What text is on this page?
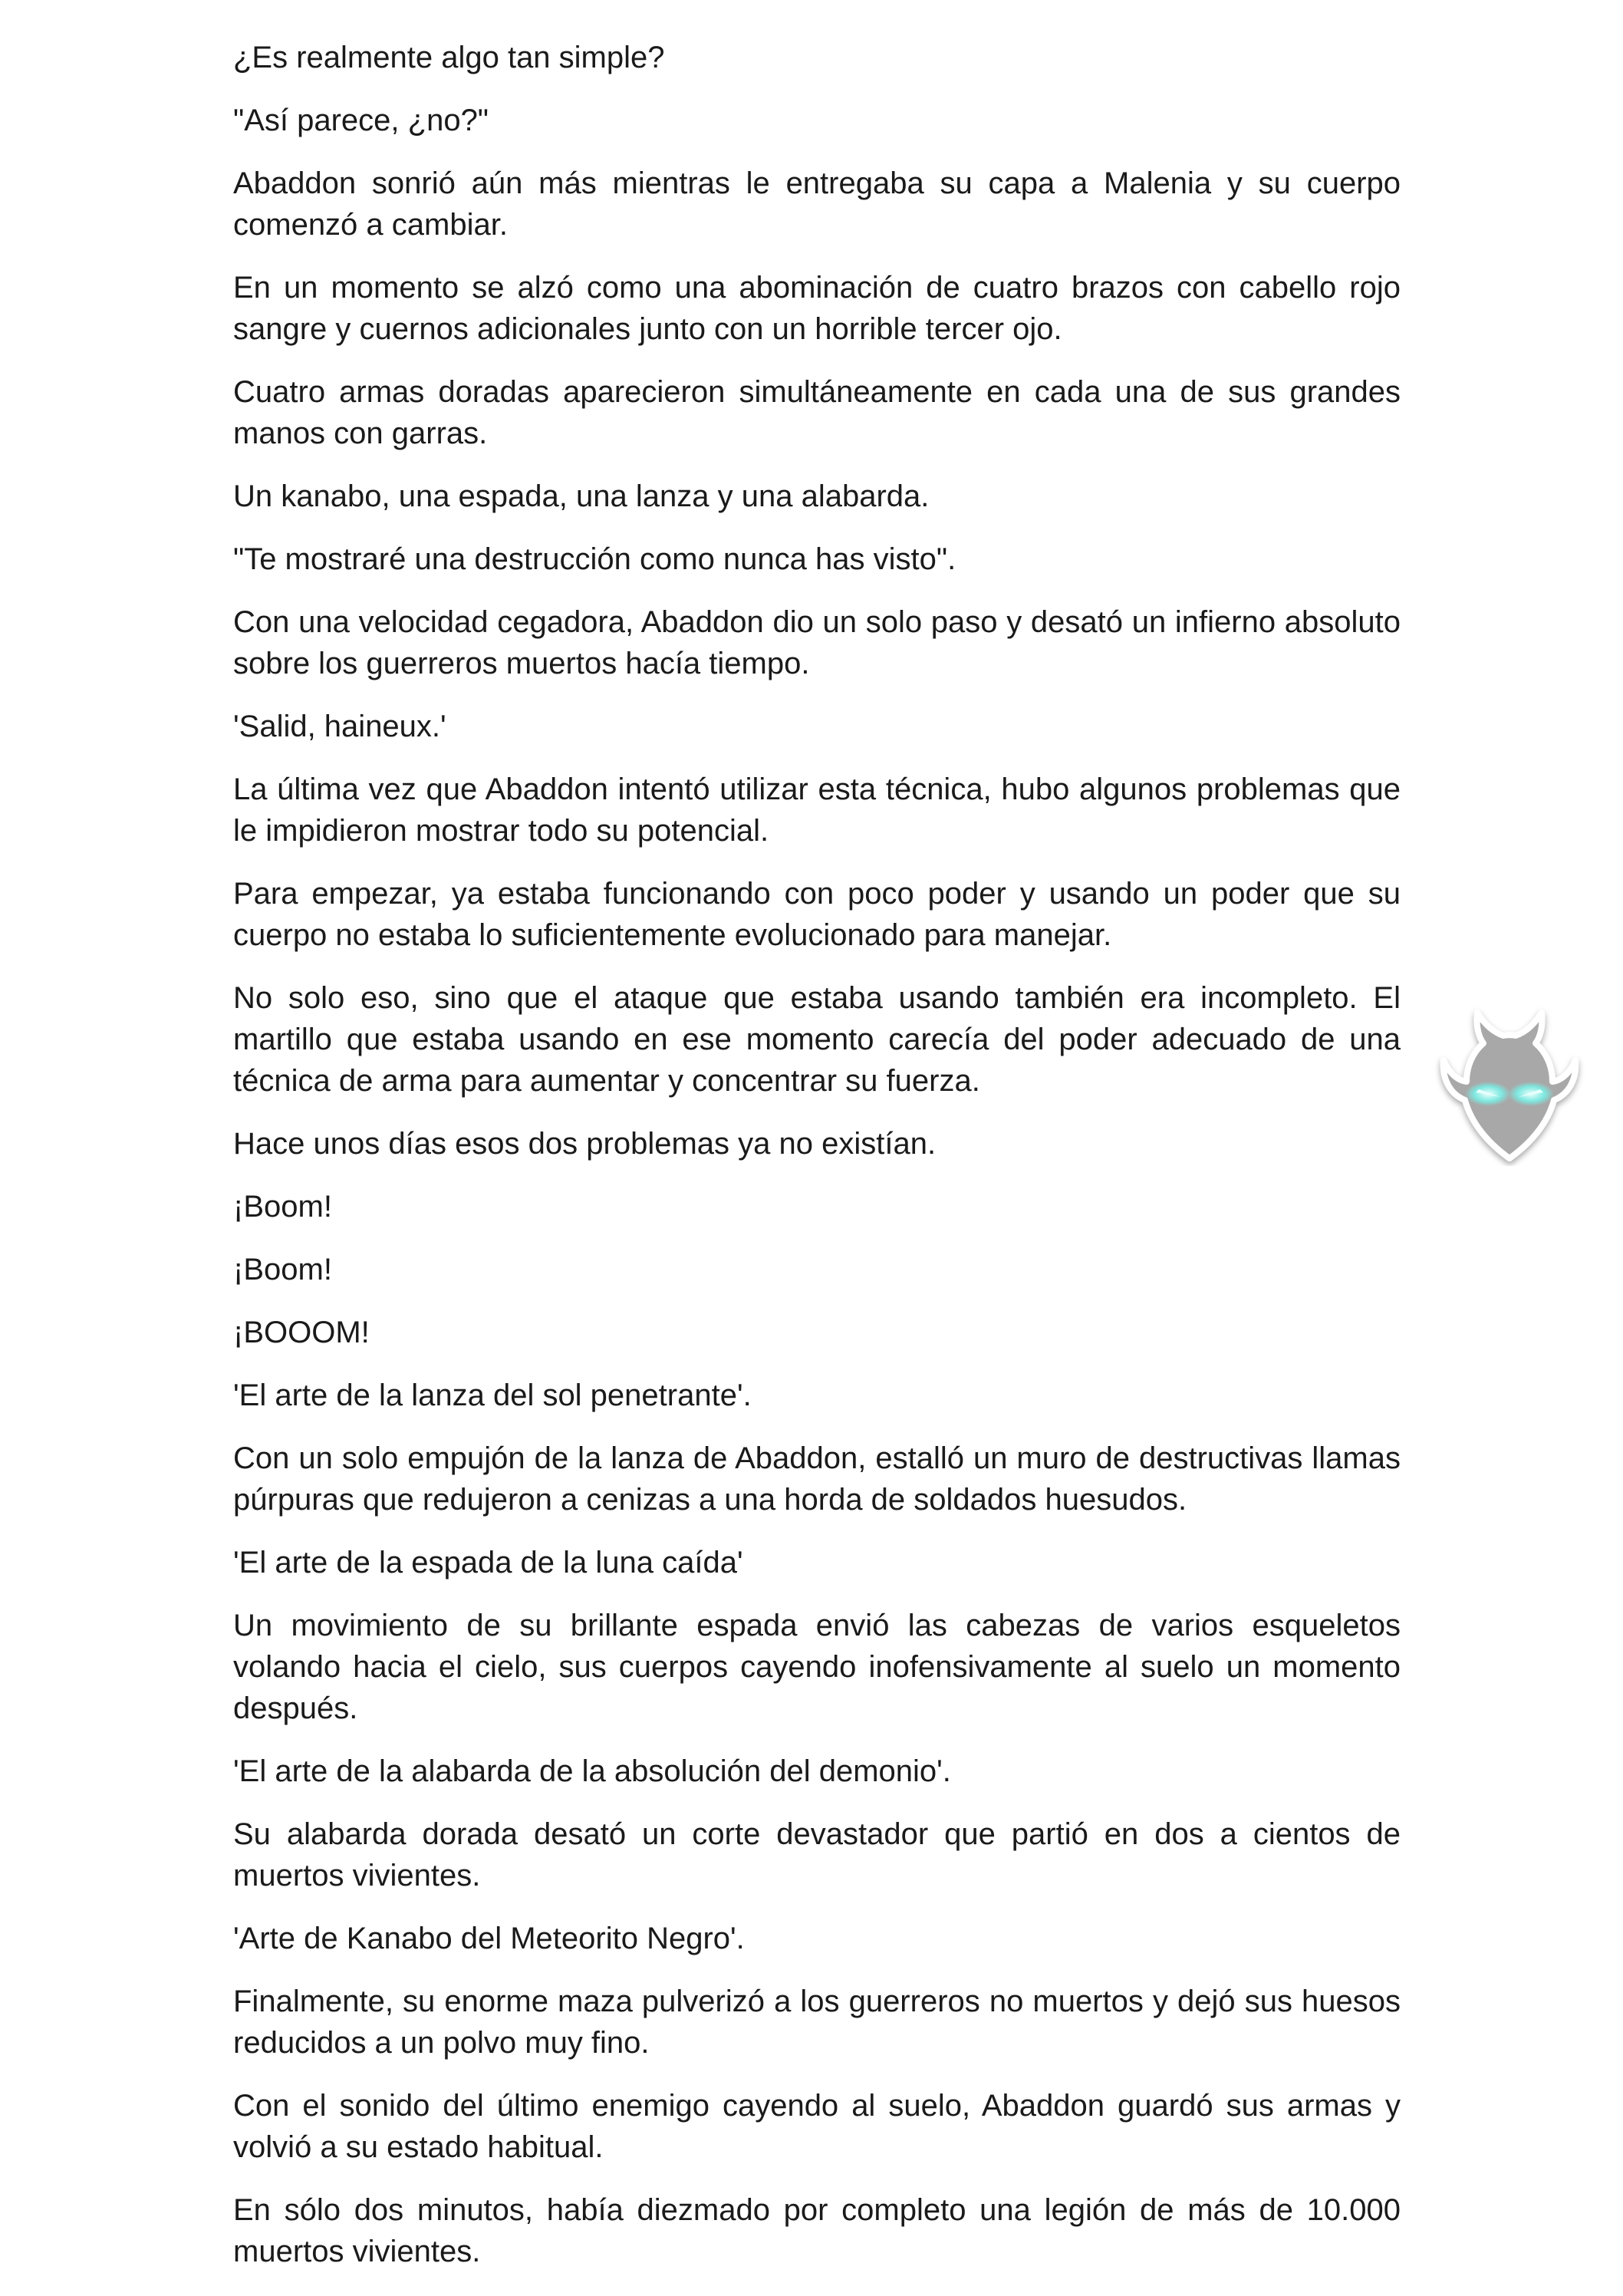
¿Es realmente algo tan simple?

"Así parece, ¿no?"

Abaddon sonrió aún más mientras le entregaba su capa a Malenia y su cuerpo comenzó a cambiar.

En un momento se alzó como una abominación de cuatro brazos con cabello rojo sangre y cuernos adicionales junto con un horrible tercer ojo.

Cuatro armas doradas aparecieron simultáneamente en cada una de sus grandes manos con garras.

Un kanabo, una espada, una lanza y una alabarda.

"Te mostraré una destrucción como nunca has visto".

Con una velocidad cegadora, Abaddon dio un solo paso y desató un infierno absoluto sobre los guerreros muertos hacía tiempo.

'Salid, haineux.'

La última vez que Abaddon intentó utilizar esta técnica, hubo algunos problemas que le impidieron mostrar todo su potencial.

Para empezar, ya estaba funcionando con poco poder y usando un poder que su cuerpo no estaba lo suficientemente evolucionado para manejar.

No solo eso, sino que el ataque que estaba usando también era incompleto. El martillo que estaba usando en ese momento carecía del poder adecuado de una técnica de arma para aumentar y concentrar su fuerza.

Hace unos días esos dos problemas ya no existían.

¡Boom!

¡Boom!

¡BOOOM!

'El arte de la lanza del sol penetrante'.

Con un solo empujón de la lanza de Abaddon, estalló un muro de destructivas llamas púrpuras que redujeron a cenizas a una horda de soldados huesudos.

'El arte de la espada de la luna caída'

Un movimiento de su brillante espada envió las cabezas de varios esqueletos volando hacia el cielo, sus cuerpos cayendo inofensivamente al suelo un momento después.

'El arte de la alabarda de la absolución del demonio'.

Su alabarda dorada desató un corte devastador que partió en dos a cientos de muertos vivientes.

'Arte de Kanabo del Meteorito Negro'.

Finalmente, su enorme maza pulverizó a los guerreros no muertos y dejó sus huesos reducidos a un polvo muy fino.

Con el sonido del último enemigo cayendo al suelo, Abaddon guardó sus armas y volvió a su estado habitual.

En sólo dos minutos, había diezmado por completo una legión de más de 10.000 muertos vivientes.
